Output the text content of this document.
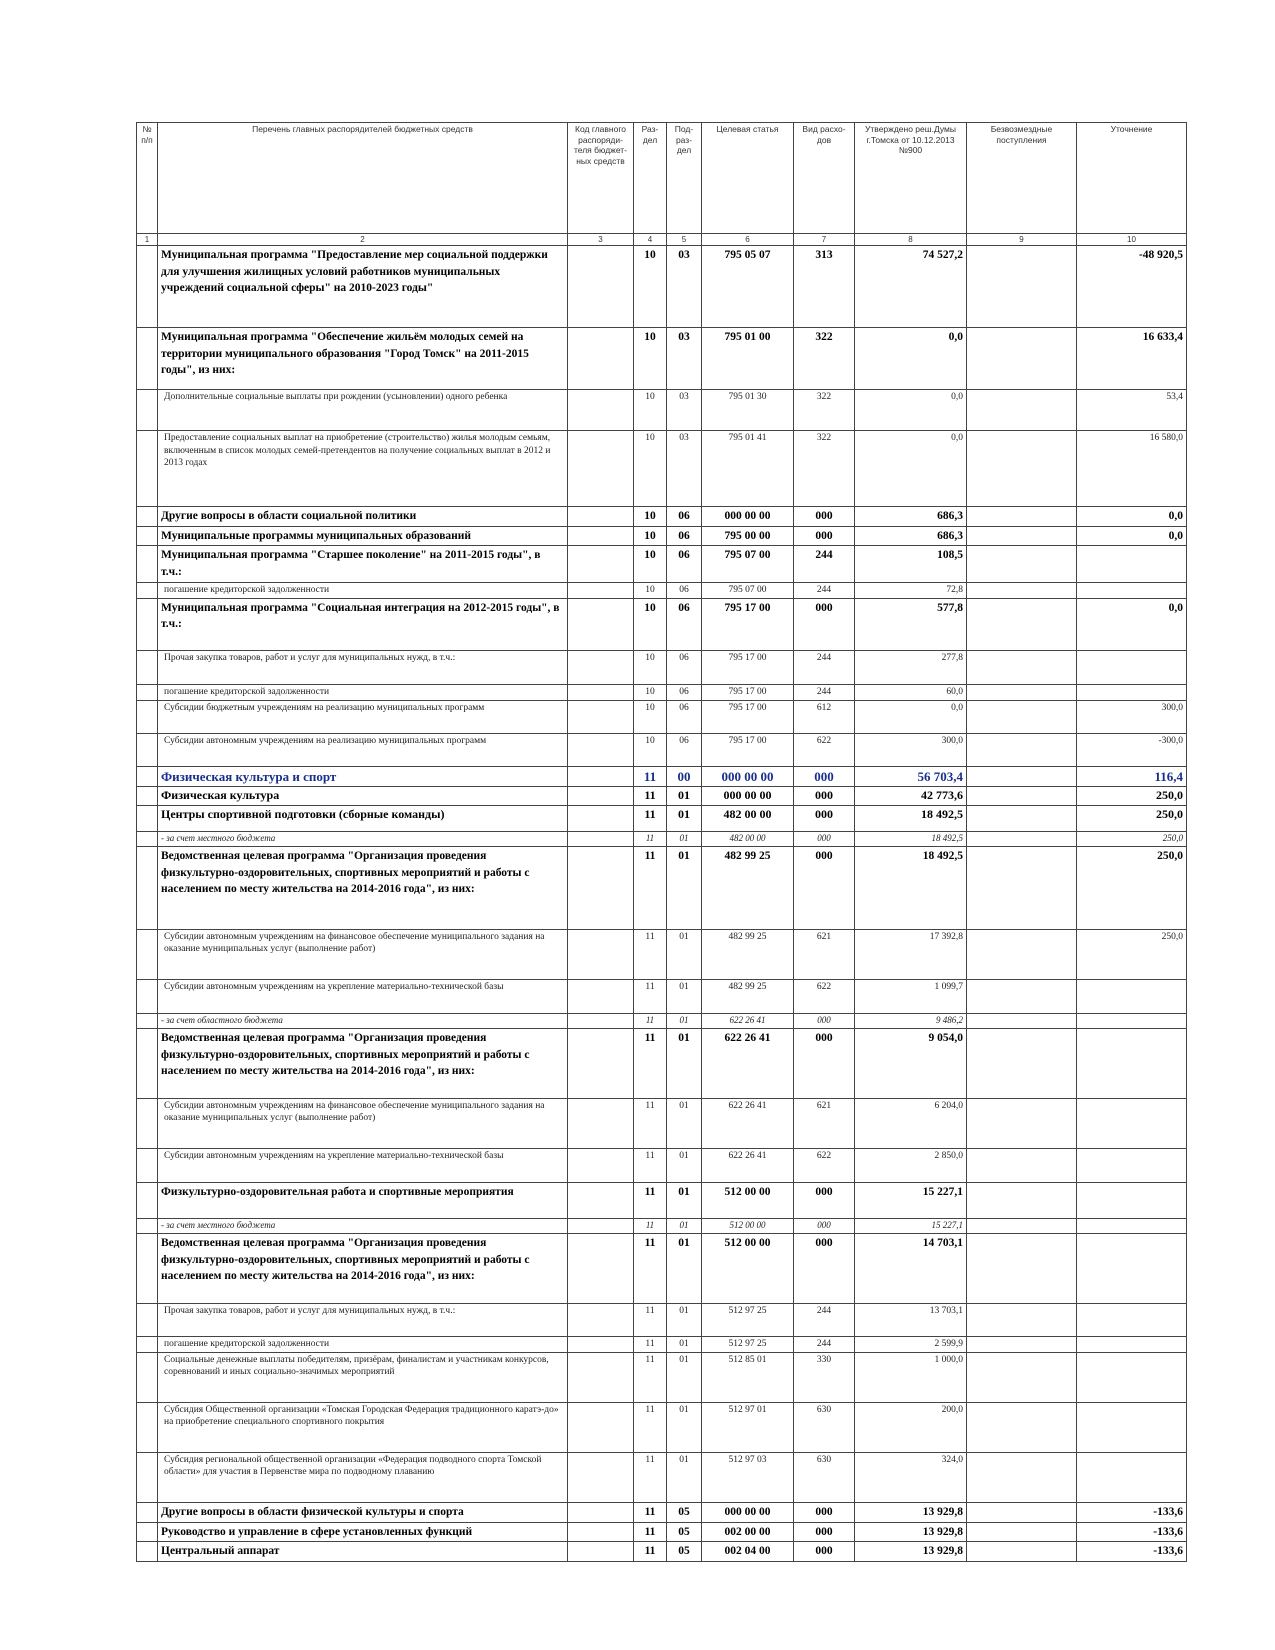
№ п/п	Перечень главных распорядителей бюджетных средств	Код главного распоряди-теля бюджет-ных средств	Раз-дел	Под-раз-дел	Целевая статья	Вид расхо-дов	Утверждено реш.Думы г.Томска от 10.12.2013 №900	Безвозмездные поступления	Уточнение
1	2	3	4	5	6	7	8	9	10
	Муниципальная программа "Предоставление мер социальной поддержки для улучшения жилищных условий работников муниципальных учреждений социальной сферы" на 2010-2023 годы"		10	03	795 05 07	313	74 527,2		-48 920,5
	Муниципальная программа "Обеспечение жильём молодых семей на территории муниципального образования "Город Томск" на 2011-2015 годы", из них:		10	03	795 01 00	322	0,0		16 633,4
	Дополнительные социальные выплаты при рождении (усыновлении) одного ребенка		10	03	795 01 30	322	0,0		53,4
	Предоставление социальных выплат на приобретение (строительство) жилья молодым семьям, включенным в список молодых семей-претендентов на получение социальных выплат в 2012 и 2013 годах		10	03	795 01 41	322	0,0		16 580,0
	Другие вопросы в области социальной политики		10	06	000 00 00	000	686,3		0,0
	Муниципальные программы муниципальных образований		10	06	795 00 00	000	686,3		0,0
	Муниципальная программа "Старшее поколение" на 2011-2015 годы", в т.ч.:		10	06	795 07 00	244	108,5		
	погашение кредиторской задолженности		10	06	795 07 00	244	72,8		
	Муниципальная программа "Социальная интеграция на 2012-2015 годы", в т.ч.:		10	06	795 17 00	000	577,8		0,0
	Прочая закупка товаров, работ и услуг для муниципальных нужд, в т.ч.:		10	06	795 17 00	244	277,8		
	погашение кредиторской задолженности		10	06	795 17 00	244	60,0		
	Субсидии бюджетным учреждениям на реализацию муниципальных программ		10	06	795 17 00	612	0,0		300,0
	Субсидии автономным учреждениям на реализацию муниципальных программ		10	06	795 17 00	622	300,0		-300,0
	Физическая культура и спорт		11	00	000 00 00	000	56 703,4		116,4
	Физическая культура		11	01	000 00 00	000	42 773,6		250,0
	Центры спортивной подготовки (сборные команды)		11	01	482 00 00	000	18 492,5		250,0
	- за счет местного бюджета		11	01	482 00 00	000	18 492,5		250,0
	Ведомственная целевая программа "Организация проведения физкультурно-оздоровительных, спортивных мероприятий и работы с населением по месту жительства на 2014-2016 года", из них:		11	01	482 99 25	000	18 492,5		250,0
	Субсидии автономным учреждениям на финансовое обеспечение муниципального задания на оказание муниципальных услуг (выполнение работ)		11	01	482 99 25	621	17 392,8		250,0
	Субсидии автономным учреждениям на укрепление материально-технической базы		11	01	482 99 25	622	1 099,7		
	- за счет областного бюджета		11	01	622 26 41	000	9 486,2		
	Ведомственная целевая программа "Организация проведения физкультурно-оздоровительных, спортивных мероприятий и работы с населением по месту жительства на 2014-2016 года", из них:		11	01	622 26 41	000	9 054,0		
	Субсидии автономным учреждениям на финансовое обеспечение муниципального задания на оказание муниципальных услуг (выполнение работ)		11	01	622 26 41	621	6 204,0		
	Субсидии автономным учреждениям на укрепление материально-технической базы		11	01	622 26 41	622	2 850,0		
	Физкультурно-оздоровительная работа и спортивные мероприятия		11	01	512 00 00	000	15 227,1		
	- за счет местного бюджета		11	01	512 00 00	000	15 227,1		
	Ведомственная целевая программа "Организация проведения физкультурно-оздоровительных, спортивных мероприятий и работы с населением по месту жительства на 2014-2016 года", из них:		11	01	512 00 00	000	14 703,1		
	Прочая закупка товаров, работ и услуг для муниципальных нужд, в т.ч.:		11	01	512 97 25	244	13 703,1		
	погашение кредиторской задолженности		11	01	512 97 25	244	2 599,9		
	Социальные денежные выплаты победителям, призёрам, финалистам и участникам конкурсов, соревнований и иных социально-значимых мероприятий		11	01	512 85 01	330	1 000,0		
	Субсидия Общественной организации «Томская Городская Федерация традиционного каратэ-до» на приобретение специального спортивного покрытия		11	01	512 97 01	630	200,0		
	Субсидия региональной общественной организации «Федерация подводного спорта Томской области» для участия в Первенстве мира по подводному плаванию		11	01	512 97 03	630	324,0		
	Другие вопросы в области физической культуры и спорта		11	05	000 00 00	000	13 929,8		-133,6
	Руководство и управление в сфере установленных функций		11	05	002 00 00	000	13 929,8		-133,6
	Центральный аппарат		11	05	002 04 00	000	13 929,8		-133,6
